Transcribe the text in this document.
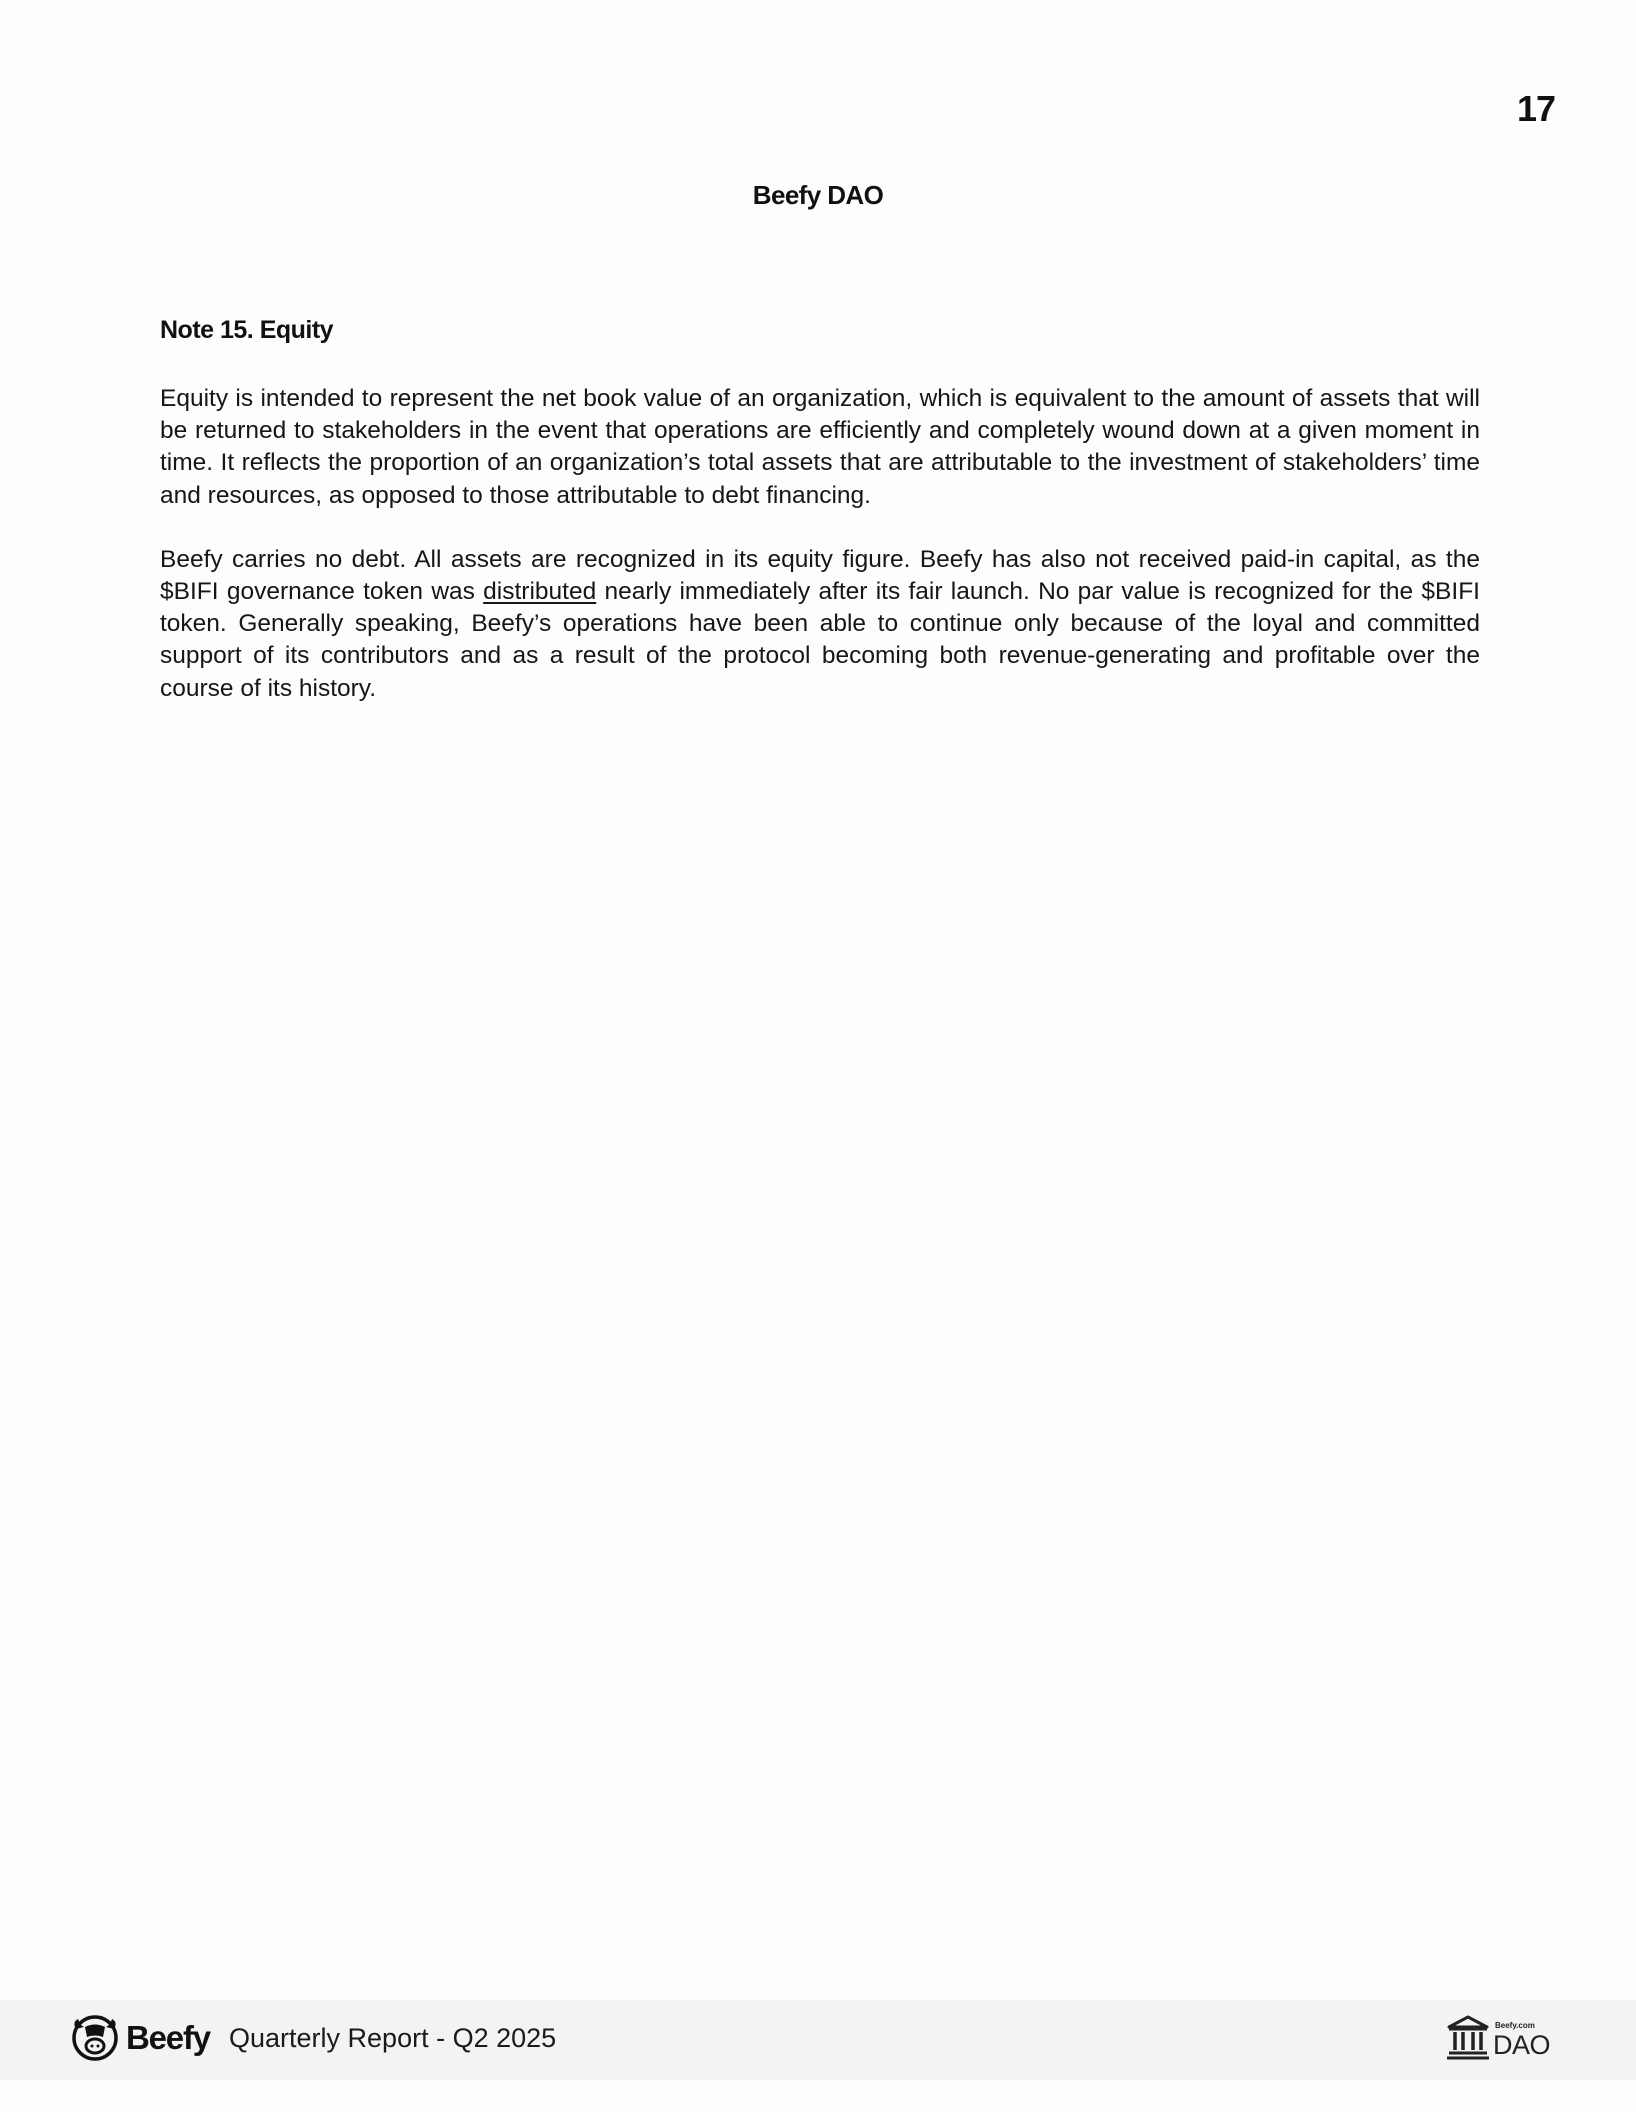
17
Beefy DAO
Note 15. Equity

Equity is intended to represent the net book value of an organization, which is equivalent to the amount of assets that will be returned to stakeholders in the event that operations are efficiently and completely wound down at a given moment in time. It reflects the proportion of an organization’s total assets that are attributable to the investment of stakeholders’ time and resources, as opposed to those attributable to debt financing.

Beefy carries no debt. All assets are recognized in its equity figure. Beefy has also not received paid-in capital, as the $BIFI governance token was distributed nearly immediately after its fair launch. No par value is recognized for the $BIFI token. Generally speaking, Beefy’s operations have been able to continue only because of the loyal and committed support of its contributors and as a result of the protocol becoming both revenue-generating and profitable over the course of its history.

Beefy Quarterly Report - Q2 2025	Beefy.com
DAO
